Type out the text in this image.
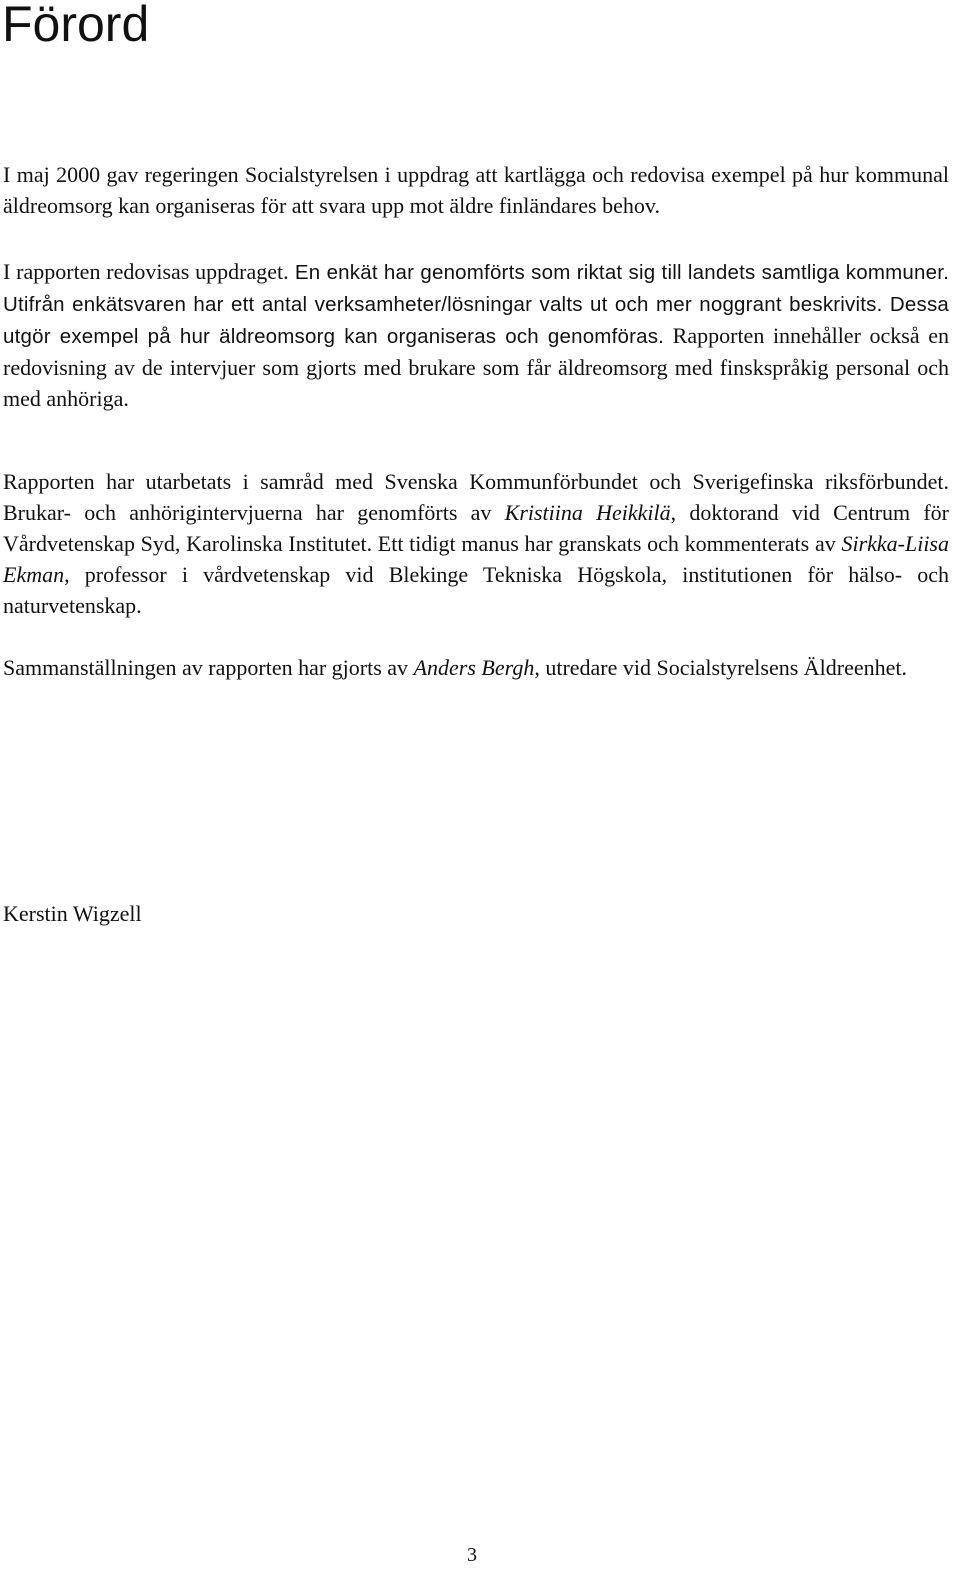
Förord

I maj 2000 gav regeringen Socialstyrelsen i uppdrag att kartlägga och redovisa exempel på hur kommunal äldreomsorg kan organiseras för att svara upp mot äldre finländares behov.

I rapporten redovisas uppdraget. En enkät har genomförts som riktat sig till landets samtliga kommuner. Utifrån enkätsvaren har ett antal verksamheter/lösningar valts ut och mer noggrant beskrivits. Dessa utgör exempel på hur äldreomsorg kan organiseras och genomföras. Rapporten innehåller också en redovisning av de intervjuer som gjorts med brukare som får äldreomsorg med finskspråkig personal och med anhöriga.

Rapporten har utarbetats i samråd med Svenska Kommunförbundet och Sverigefinska riksförbundet. Brukar- och anhörigintervjuerna har genomförts av Kristiina Heikkilä, doktorand vid Centrum för Vårdvetenskap Syd, Karolinska Institutet. Ett tidigt manus har granskats och kommenterats av Sirkka-Liisa Ekman, professor i vårdvetenskap vid Blekinge Tekniska Högskola, institutionen för hälso- och naturvetenskap.

Sammanställningen av rapporten har gjorts av Anders Bergh, utredare vid Socialstyrelsens Äldreenhet.

Kerstin Wigzell

3
